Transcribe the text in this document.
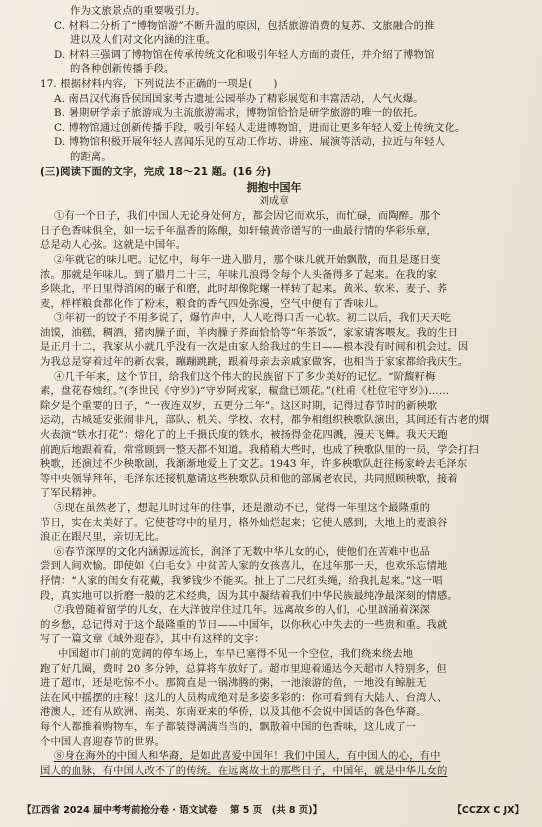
作为文旅景点的重要吸引力。
C. 材料二分析了“博物馆游”不断升温的原因，包括旅游消费的复苏、文旅融合的推
进以及人们对文化内涵的注重。
D. 材料三强调了博物馆在传承传统文化和吸引年轻人方面的责任，并介绍了博物馆
的各种创新传播手段。
17. 根据材料内容，下列说法不正确的一项是(　　)
A. 南昌汉代海昏侯国国家考古遗址公园举办了精彩展览和丰富活动，人气火爆。
B. 暑期研学亲子旅游成为主流旅游需求，博物馆恰恰是研学旅游的唯一的依托。
C. 博物馆通过创新传播手段，吸引年轻人走进博物馆，进而让更多年轻人爱上传统文化。
D. 博物馆积极开展年轻人喜闻乐见的互动工作坊、讲座、展演等活动，拉近与年轻人
的距离。
(三)阅读下面的文字，完成 18～21 题。(16 分)
拥抱中国年
刘成章
①有一个日子，我们中国人无论身处何方，都会因它而欢乐，而忙碌，而陶醉。那个
日子色香味俱全，如一坛千年温香的陈酿，如轩辕黄帝谱写的一曲最行情的华彩乐章，
总是动人心弦。这就是中国年。
②年就它的味儿吧。记忆中，每年一进入腊月，那个味儿就开始飘散，而且是逐日变
浓。那就是年味儿。到了腊月二十三，年味儿浪得令每个人头备得多了起来。在我的家
乡陕北，平日里得消闲的碾子和磨，此时却像陀螺一样转了起来。黄米、软米、麦子、荞
麦，样样粮食都化作了粉末，粮食的香气四处弥漫，空气中便有了香味儿。
③年初一的饺子不用多说了，爆竹声中，人人吃得口舌一心软。初二以后，我们天天吃
油馍，油糕，稠酒，猪肉臊子面，羊肉臊子荞面恰恰等“年茶饭”，家家请客喂友。我的生日
是正月十二，我家从小就几乎没有一次是由家人给我过的生日——根本没有时间和机会过。因
为我总是穿着过年的新衣裳，蹦蹦跳跳，跟着母亲去亲戚家做客，也相当于家家都给我庆生。
④几千年来，这个节日，给我们这个伟大的民族留下了多少美好的记忆。“阶馥籽梅
素，盘花春烛红。”(李世民《守岁》)“守岁阿戎家，椒盘已颂花。”(杜甫《杜位宅守岁》)……
除夕是个重要的日子，“一夜连双岁，五更分二年”。这区时期，记得过春节时的新秧歌
运动，古城延安张闹非凡，部队、机关、学校、农村，都争相组织秧歌队演出，其间还有古老的烟
火表演“铁水打花”：熔化了的上千摄氏度的铁水，被扬得金花四溅，漫天飞舞。我天天跑
前跑后地跟着看，常常顾到一整天都不知道。我稍稍大些时，也成了秧歌队里的一员，学会打扫
秧歌，还演过不少秧歌剧，我渐渐地爱上了文艺。1943 年，许多秧歌队赶往杨家岭去毛泽东
等中央领导拜年，毛泽东还接机邀请这些秧歌队员和他的部属老农民，共同照顾秧歌，接着
了军民精神。
⑤现在虽然老了，想起儿时过年的往事，还是激动不已，觉得一年里这个最隆重的
节日，实在太美好了。它使苍穹中的星月，格外灿烂起来；它使人感到，大地上的麦浪谷
浪正在跟尺里，亲切无比。
⑥春节深厚的文化内涵源远流长，润泽了无数中华儿女的心，使他们在苦难中也品
尝到人间欢愉。即使如《白毛女》中贫苦人家的女孩喜儿，在过年那一天，也欢乐忘情地
抒情：“人家的闺女有花戴，我爹钱少不能买。扯上了二尺红头绳，给我扎起来。”这一唱
段，真实地可以折磨一般的艺术经典，因为其中凝结着我们中华民族最纯净最深刻的情感。
⑦我曾随着留学的儿女，在大洋彼岸住过几年。远离故乡的人们，心里汹涌着深深
的乡愁，总记得对于这个最隆重的节日——中国年，以你秋心中失去的一些贵和重。我就
写了一篇文章《域外迎春》，其中有这样的文字：
中国超市门前的宽阔的停车场上，车早已塞得不见一个空位，我们绕来绕去地
跑了好几圈，费时 20 多分钟，总算将车放好了。超市里迎着通达今天超市人特别多，但
进了超市，还是吃惊不小。那简直是一锅沸腾的粥，一池滚游的鱼，一地没有鲸脏无
法在风中摇摆的庄稼！这儿的人员构成绝对是多姿多彩的：你可看到有大陆人、台湾人、
港澳人，还有从欧洲、南美、东南亚来的华侨，以及其他不会说中国话的各色华裔。
每个人都推着购物车，车子都装得满满当当的，飘散着中国的色香味，这儿成了一
个中国人喜迎春节的世界。
⑧身在海外的中国人和华裔，是如此喜爱中国年！我们中国人，有中国人的心，有中
国人的血脉，有中国人改不了的传统。在远离故土的那些日子，中国年，就是中华儿女的
【江西省 2024 届中考考前抢分卷 · 语文试卷 第 5 页　(共 8 页)】	【CCZX C JX】
